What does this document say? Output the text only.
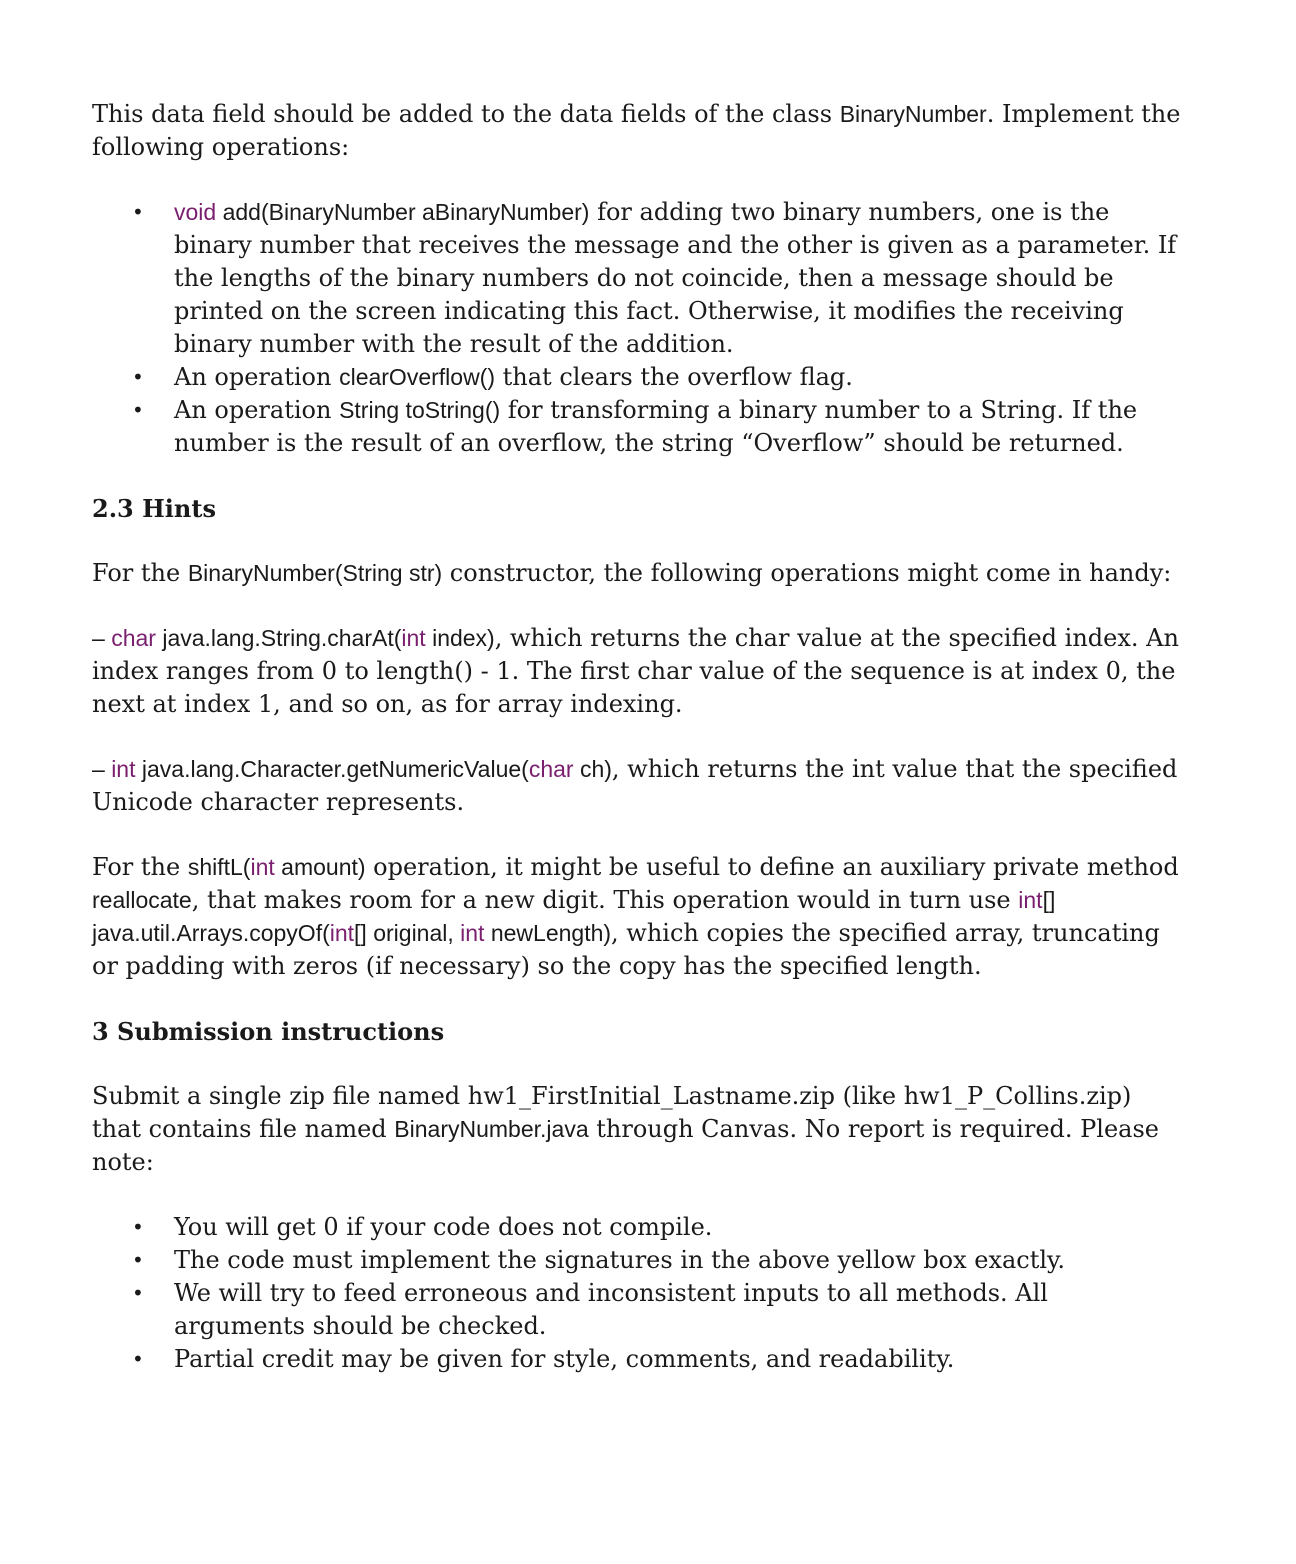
This data field should be added to the data fields of the class BinaryNumber. Implement the following operations:

• void add(BinaryNumber aBinaryNumber) for adding two binary numbers, one is the binary number that receives the message and the other is given as a parameter. If the lengths of the binary numbers do not coincide, then a message should be printed on the screen indicating this fact. Otherwise, it modifies the receiving binary number with the result of the addition.
• An operation clearOverflow() that clears the overflow flag.
• An operation String toString() for transforming a binary number to a String. If the number is the result of an overflow, the string “Overflow” should be returned.
2.3 Hints

For the BinaryNumber(String str) constructor, the following operations might come in handy:

– char java.lang.String.charAt(int index), which returns the char value at the specified index. An index ranges from 0 to length() - 1. The first char value of the sequence is at index 0, the next at index 1, and so on, as for array indexing.

– int java.lang.Character.getNumericValue(char ch), which returns the int value that the specified Unicode character represents.

For the shiftL(int amount) operation, it might be useful to define an auxiliary private method reallocate, that makes room for a new digit. This operation would in turn use int[] java.util.Arrays.copyOf(int[] original, int newLength), which copies the specified array, truncating or padding with zeros (if necessary) so the copy has the specified length.

3 Submission instructions

Submit a single zip file named hw1_FirstInitial_Lastname.zip (like hw1_P_Collins.zip) that contains file named BinaryNumber.java through Canvas. No report is required. Please note:

• You will get 0 if your code does not compile.
• The code must implement the signatures in the above yellow box exactly.
• We will try to feed erroneous and inconsistent inputs to all methods. All arguments should be checked.
• Partial credit may be given for style, comments, and readability.
